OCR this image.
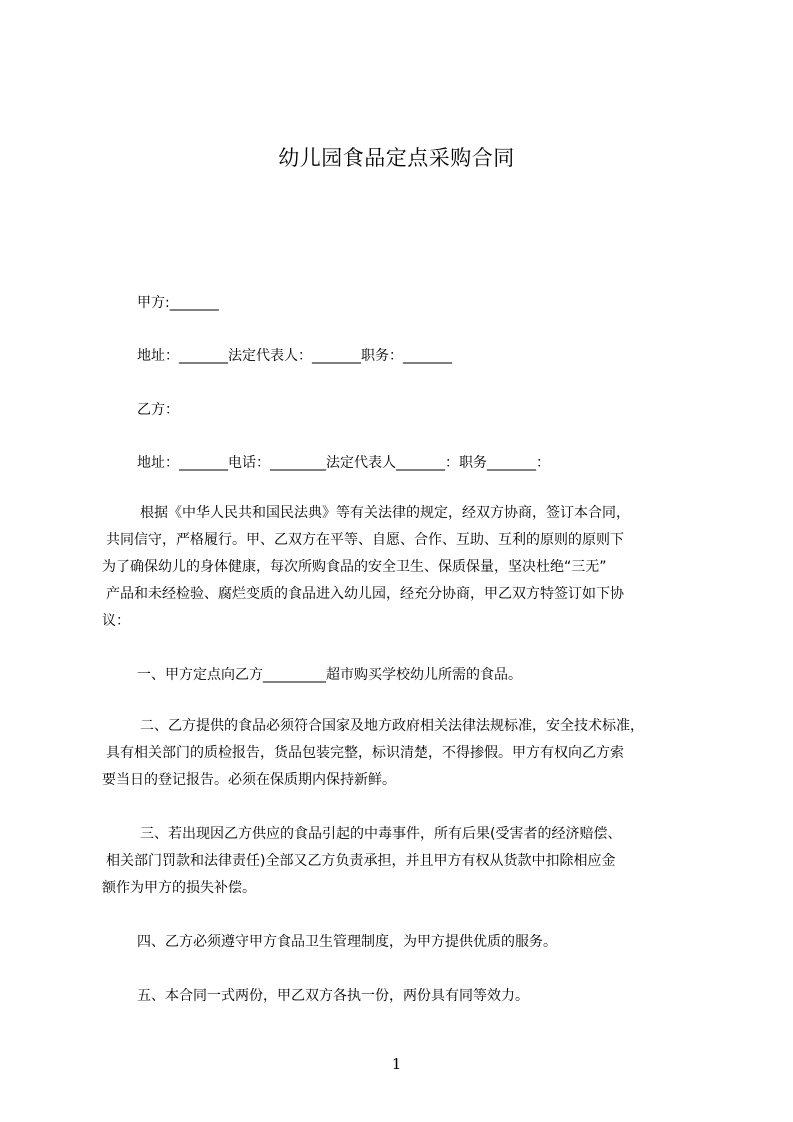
幼儿园食品定点采购合同
甲方:_______
地址：_______法定代表人：_______职务：_______
乙方：
地址：_______电话：________法定代表人_______：职务_______：
根据《中华人民共和国民法典》等有关法律的规定，经双方协商，签订本合同，
共同信守，严格履行。甲、乙双方在平等、自愿、合作、互助、互利的原则的原则下
为了确保幼儿的身体健康，每次所购食品的安全卫生、保质保量，坚决杜绝“三无”
产品和未经检验、腐烂变质的食品进入幼儿园，经充分协商，甲乙双方特签订如下协
议：
一、甲方定点向乙方_________超市购买学校幼儿所需的食品。
二、乙方提供的食品必须符合国家及地方政府相关法律法规标准，安全技术标准，
具有相关部门的质检报告，货品包装完整，标识清楚，不得掺假。甲方有权向乙方索
要当日的登记报告。必须在保质期内保持新鲜。
三、若出现因乙方供应的食品引起的中毒事件，所有后果(受害者的经济赔偿、
相关部门罚款和法律责任)全部又乙方负责承担，并且甲方有权从货款中扣除相应金
额作为甲方的损失补偿。
四、乙方必须遵守甲方食品卫生管理制度，为甲方提供优质的服务。
五、本合同一式两份，甲乙双方各执一份，两份具有同等效力。
1
